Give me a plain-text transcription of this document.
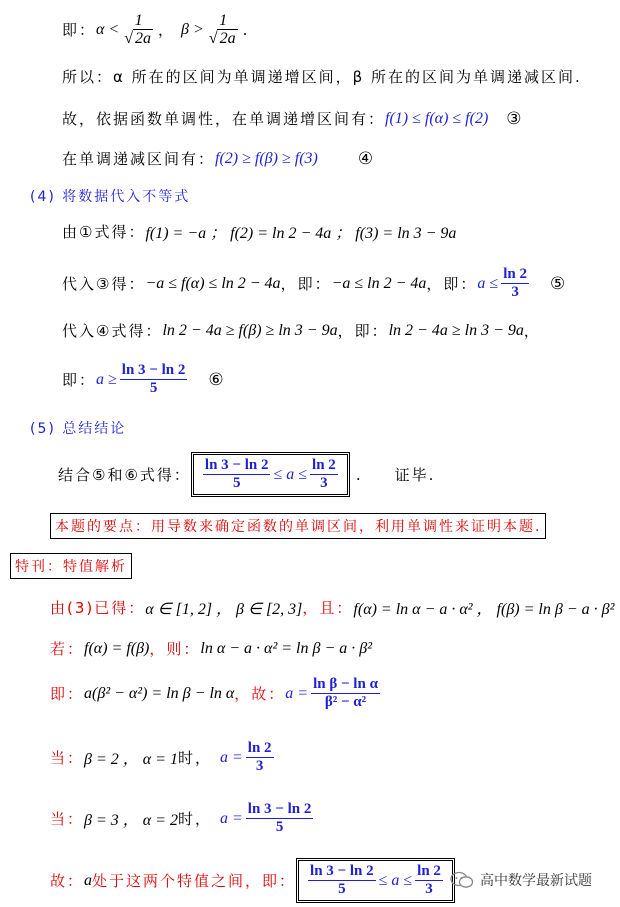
即： $\alpha < \frac{1}{√ 2a}$ ， $\beta > \frac{1}{√ 2a}$ .
所以：α 所在的区间为单调递增区间，β 所在的区间为单调递减区间.
故，依据函数单调性，在单调递增区间有： f(1) ≤ f(α) ≤ f(2) ③
在单调递减区间有： f(2) ≥ f(β) ≥ f(3) ④
(4) 将数据代入不等式
由①式得： f(1) = −a ； f(2) = ln 2 − 4a ； f(3) = ln 3 − 9a
代入③得： −a ≤ f(α) ≤ ln 2 − 4a ，即： −a ≤ ln 2 − 4a ，即： $a \le \frac{\ln 2}{3}$ ⑤
代入④式得： ln 2 − 4a ≥ f(β) ≥ ln 3 − 9a ，即： ln 2 − 4a ≥ ln 3 − 9a ，
即： $a \ge \frac{\ln 3 - \ln 2}{5}$ ⑥
(5) 总结结论
结合⑤和⑥式得： $\frac{\ln 3 - \ln 2}{5} \le a \le \frac{\ln 2}{3}$ . 证毕.
本题的要点：用导数来确定函数的单调区间，利用单调性来证明本题.
特刊：特值解析
由(3)已得： α ∈ [1, 2] ， β ∈ [2, 3] ，且： f(α) = ln α − a · α² ， f(β) = ln β − a · β²
若： f(α) = f(β) ，则： ln α − a · α² = ln β − a · β²
即： a(β² − α²) = ln β − ln α ，故： $a = \frac{\text{ln β − ln α}}{\text{β² − α²}}$
当： β = 2 ， α = 1 时， $a = \frac{\ln 2}{3}$
当： β = 3 ， α = 2 时， $a = \frac{\ln 3 - \ln 2}{5}$
故： a 处于这两个特值之间，即： $\frac{\ln 3 - \ln 2}{5} \le a \le \frac{\ln 2}{3}$	高中数学最新试题
